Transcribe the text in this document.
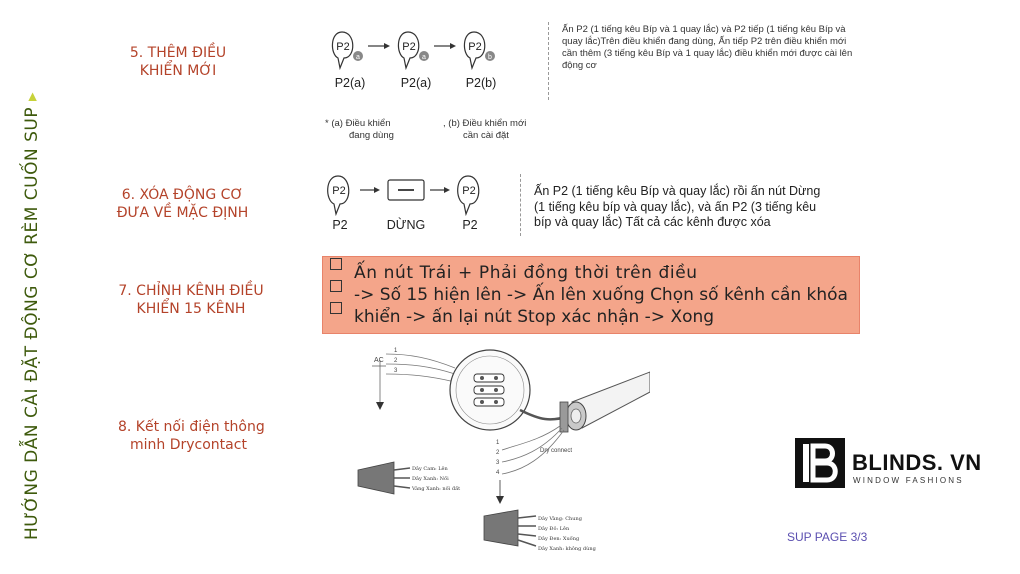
HƯỚNG DẪN CÀI ĐẶT ĐỘNG CƠ RÈM CUỐN SUP ▸
5. THÊM ĐIỀU
KHIỂN MỚI
P2
a
P2
a
P2
b
P2(a)	P2(a)	P2(b)
* (a) Điều khiển
đang dùng
, (b) Điều khiển mới
cần cài đặt
Ấn P2 (1 tiếng kêu Bíp và 1 quay lắc) và P2 tiếp (1 tiếng kêu Bíp và
quay lắc)Trên điều khiển đang dùng, Ấn tiếp P2 trên điều khiển mới
cần thêm (3 tiếng kêu Bíp và 1 quay lắc) điều khiển mới được cài lên
động cơ
6. XÓA ĐỘNG CƠ
ĐƯA VỀ MẶC ĐỊNH
P2	P2
P2	DỪNG	P2
Ấn P2 (1 tiếng kêu Bíp và quay lắc) rồi ấn nút Dừng
(1 tiếng kêu bíp và quay lắc), và ấn P2 (3 tiếng kêu
bíp và quay lắc) Tất cả các kênh được xóa
7. CHỈNH KÊNH ĐIỀU
KHIỂN 15 KÊNH
Ấn nút Trái + Phải đồng thời trên điều
-> Số 15 hiện lên -> Ấn lên xuống Chọn số kênh cần khóa
khiển -> ấn lại nút Stop xác nhận -> Xong
8. Kết nối điện thông
minh Drycontact
AC
1
2
3
Dry connect
1
2
3
4
Dây Cam: Lên
Dây Xanh: Nối
Vàng Xanh: nối đất
Dây Vàng: Chung
Dây Đỏ: Lên
Dây Đen: Xuống
Dây Xanh: không dùng
BLINDS. VN
WINDOW FASHIONS
SUP PAGE 3/3
